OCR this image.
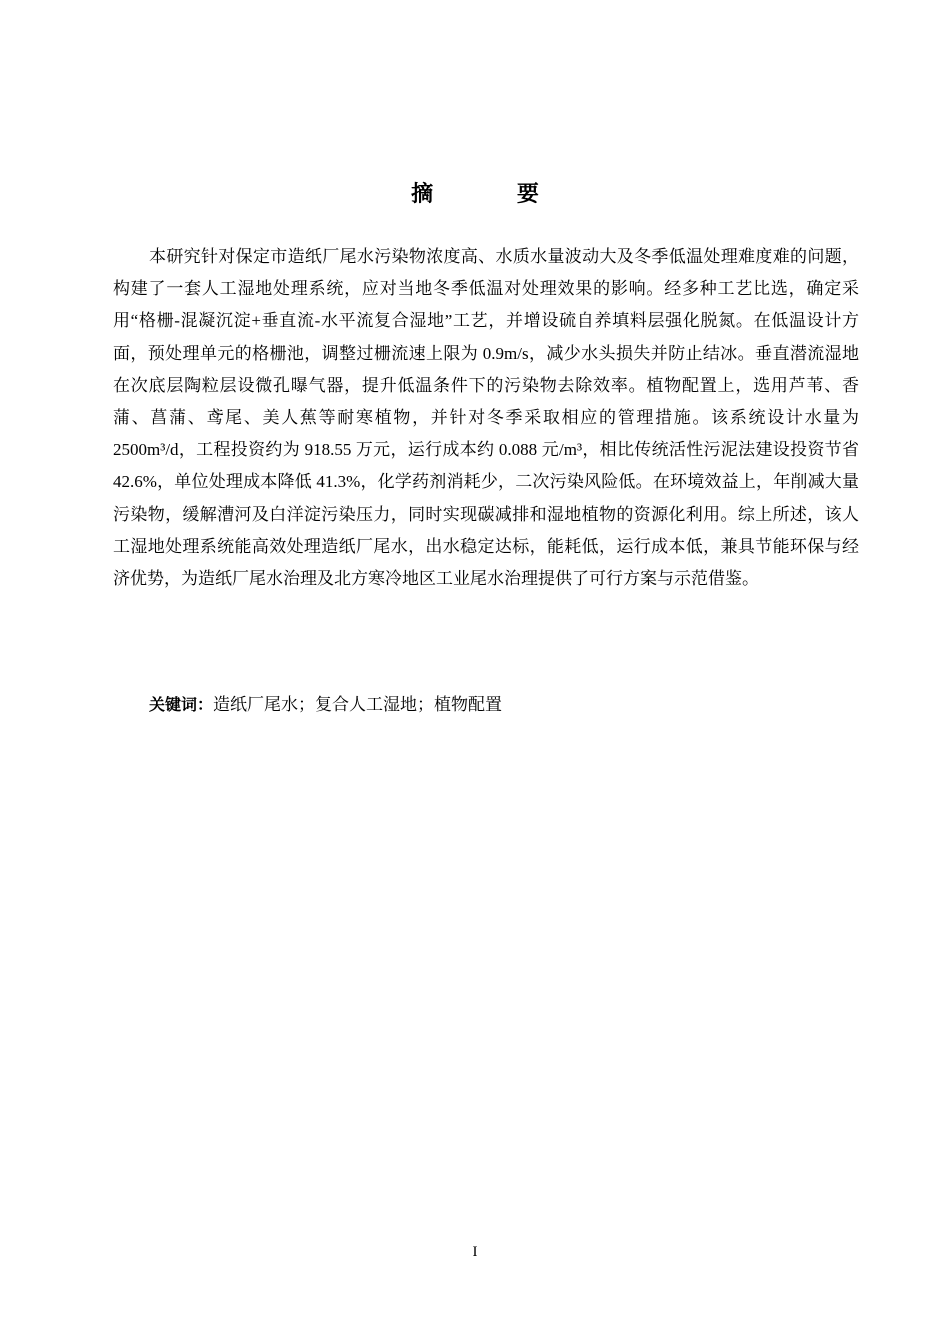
摘 要

本研究针对保定市造纸厂尾水污染物浓度高、水质水量波动大及冬季低温处理难度难的问题，构建了一套人工湿地处理系统，应对当地冬季低温对处理效果的影响。经多种工艺比选，确定采用“格栅-混凝沉淀+垂直流-水平流复合湿地”工艺，并增设硫自养填料层强化脱氮。在低温设计方面，预处理单元的格栅池，调整过栅流速上限为 0.9m/s，减少水头损失并防止结冰。垂直潜流湿地在次底层陶粒层设微孔曝气器，提升低温条件下的污染物去除效率。植物配置上，选用芦苇、香蒲、菖蒲、鸢尾、美人蕉等耐寒植物，并针对冬季采取相应的管理措施。该系统设计水量为 2500m³/d，工程投资约为 918.55 万元，运行成本约 0.088 元/m³，相比传统活性污泥法建设投资节省 42.6%，单位处理成本降低 41.3%，化学药剂消耗少，二次污染风险低。在环境效益上，年削减大量污染物，缓解漕河及白洋淀污染压力，同时实现碳减排和湿地植物的资源化利用。综上所述，该人工湿地处理系统能高效处理造纸厂尾水，出水稳定达标，能耗低，运行成本低，兼具节能环保与经济优势，为造纸厂尾水治理及北方寒冷地区工业尾水治理提供了可行方案与示范借鉴。

关键词：造纸厂尾水；复合人工湿地；植物配置

I
